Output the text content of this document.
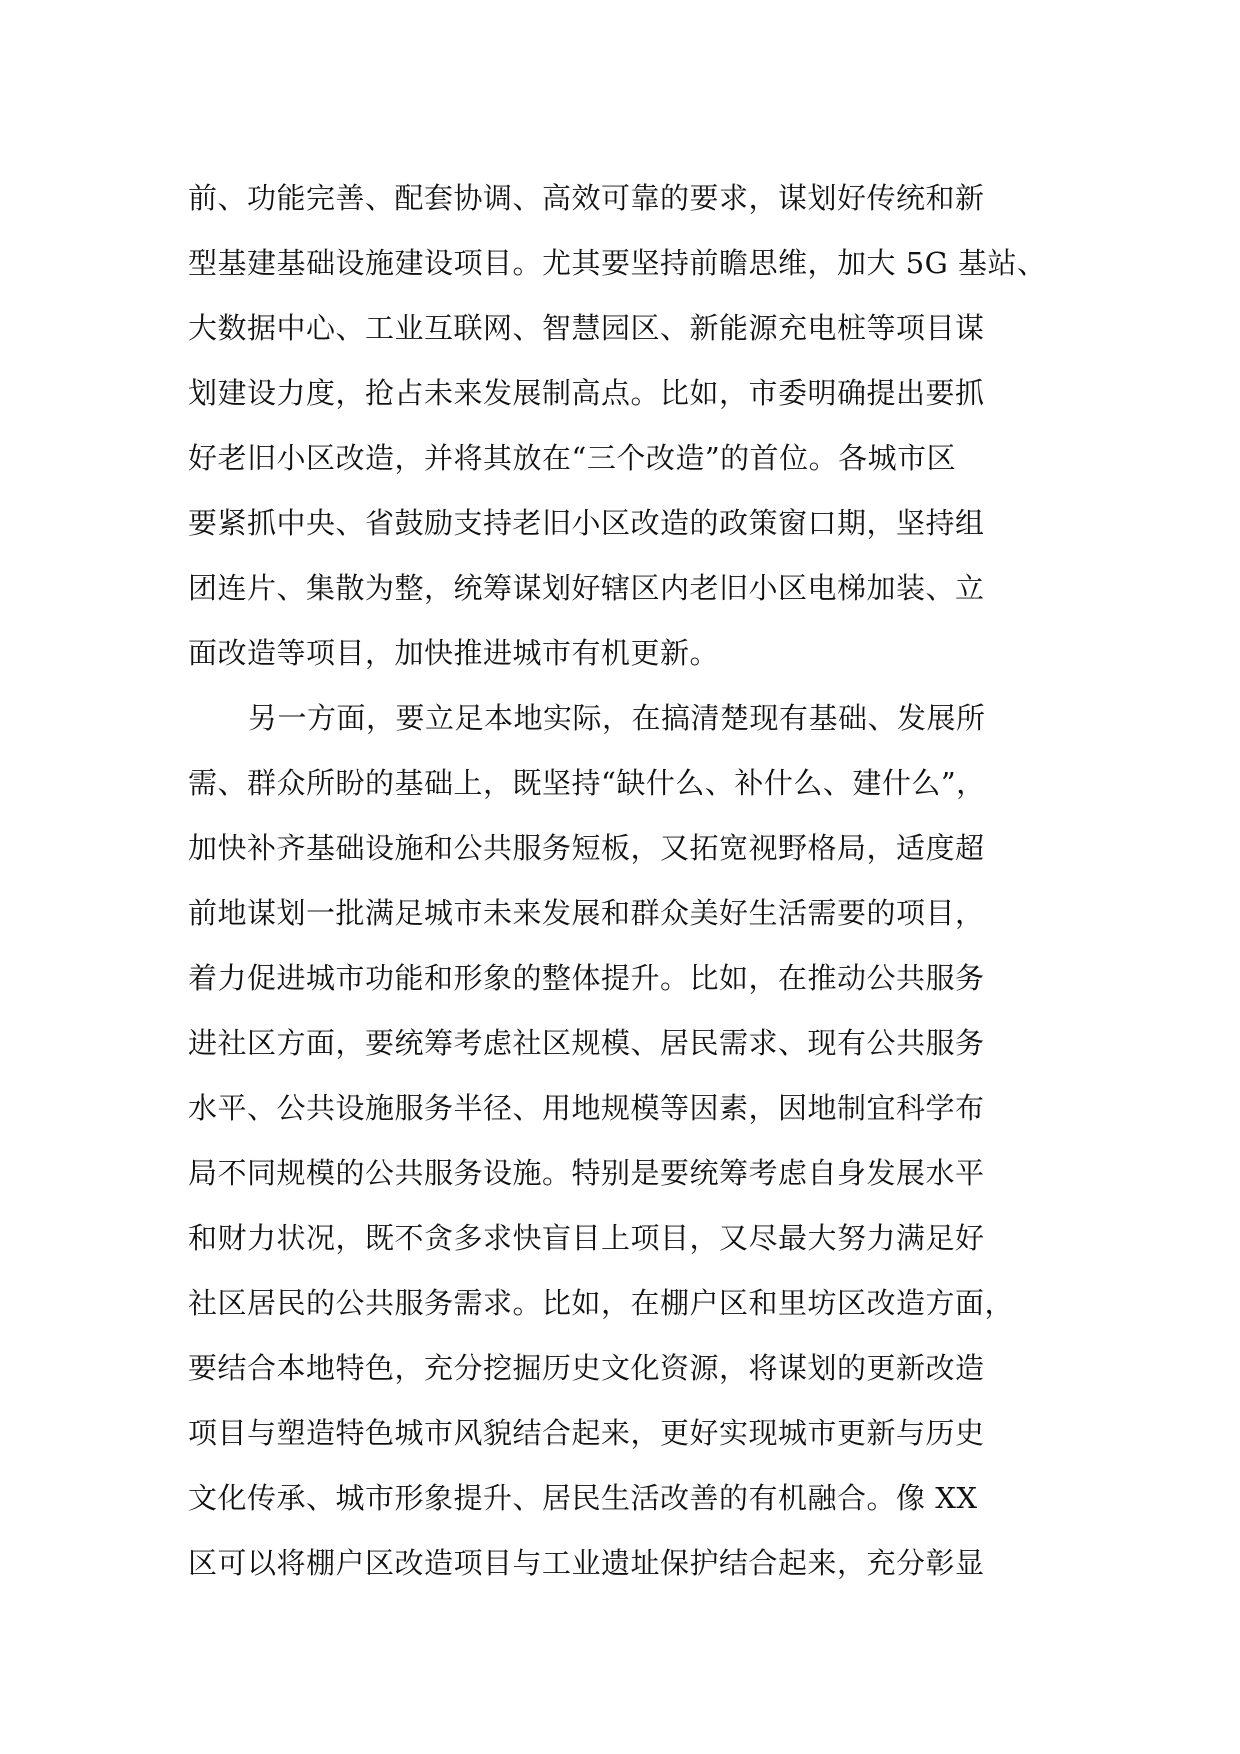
前、功能完善、配套协调、高效可靠的要求，谋划好传统和新
型基建基础设施建设项目。尤其要坚持前瞻思维，加大 5G 基站、
大数据中心、工业互联网、智慧园区、新能源充电桩等项目谋
划建设力度，抢占未来发展制高点。比如，市委明确提出要抓
好老旧小区改造，并将其放在“三个改造”的首位。各城市区
要紧抓中央、省鼓励支持老旧小区改造的政策窗口期，坚持组
团连片、集散为整，统筹谋划好辖区内老旧小区电梯加装、立
面改造等项目，加快推进城市有机更新。
另一方面，要立足本地实际，在搞清楚现有基础、发展所
需、群众所盼的基础上，既坚持“缺什么、补什么、建什么”，
加快补齐基础设施和公共服务短板，又拓宽视野格局，适度超
前地谋划一批满足城市未来发展和群众美好生活需要的项目，
着力促进城市功能和形象的整体提升。比如，在推动公共服务
进社区方面，要统筹考虑社区规模、居民需求、现有公共服务
水平、公共设施服务半径、用地规模等因素，因地制宜科学布
局不同规模的公共服务设施。特别是要统筹考虑自身发展水平
和财力状况，既不贪多求快盲目上项目，又尽最大努力满足好
社区居民的公共服务需求。比如，在棚户区和里坊区改造方面，
要结合本地特色，充分挖掘历史文化资源，将谋划的更新改造
项目与塑造特色城市风貌结合起来，更好实现城市更新与历史
文化传承、城市形象提升、居民生活改善的有机融合。像 XX
区可以将棚户区改造项目与工业遗址保护结合起来，充分彰显
